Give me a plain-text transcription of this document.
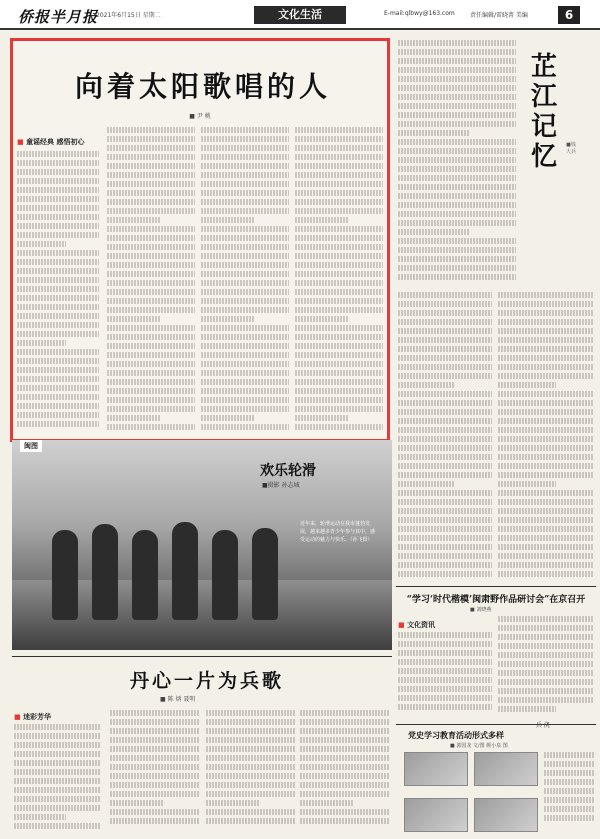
侨报半月报
2021年6月15日 星期二	文化生活	E-mail:qlbwy@163.com	责任编辑/雷晓菁 美编	6
向着太阳歌唱的人
■ 尹 桃
■ 童谣经典 感悟初心
芷江记忆	■钱大兵
闽图
欢乐轮滑
■摄影 孙志城
近年来，轮滑运动在我市蓬勃发展，越来越多青少年参与其中，感受运动的魅力与快乐。（孙飞摄）
丹心一片为兵歌
■ 陈 炳 聂明
■ 迷彩芳华
“学习‘时代楷模’闽肃野作品研讨会”在京召开
■ 刘晓燕
■ 文化资讯
兵 浇
党史学习教育活动形式多样
■ 郭国龙 文/图 颜小泉 图
